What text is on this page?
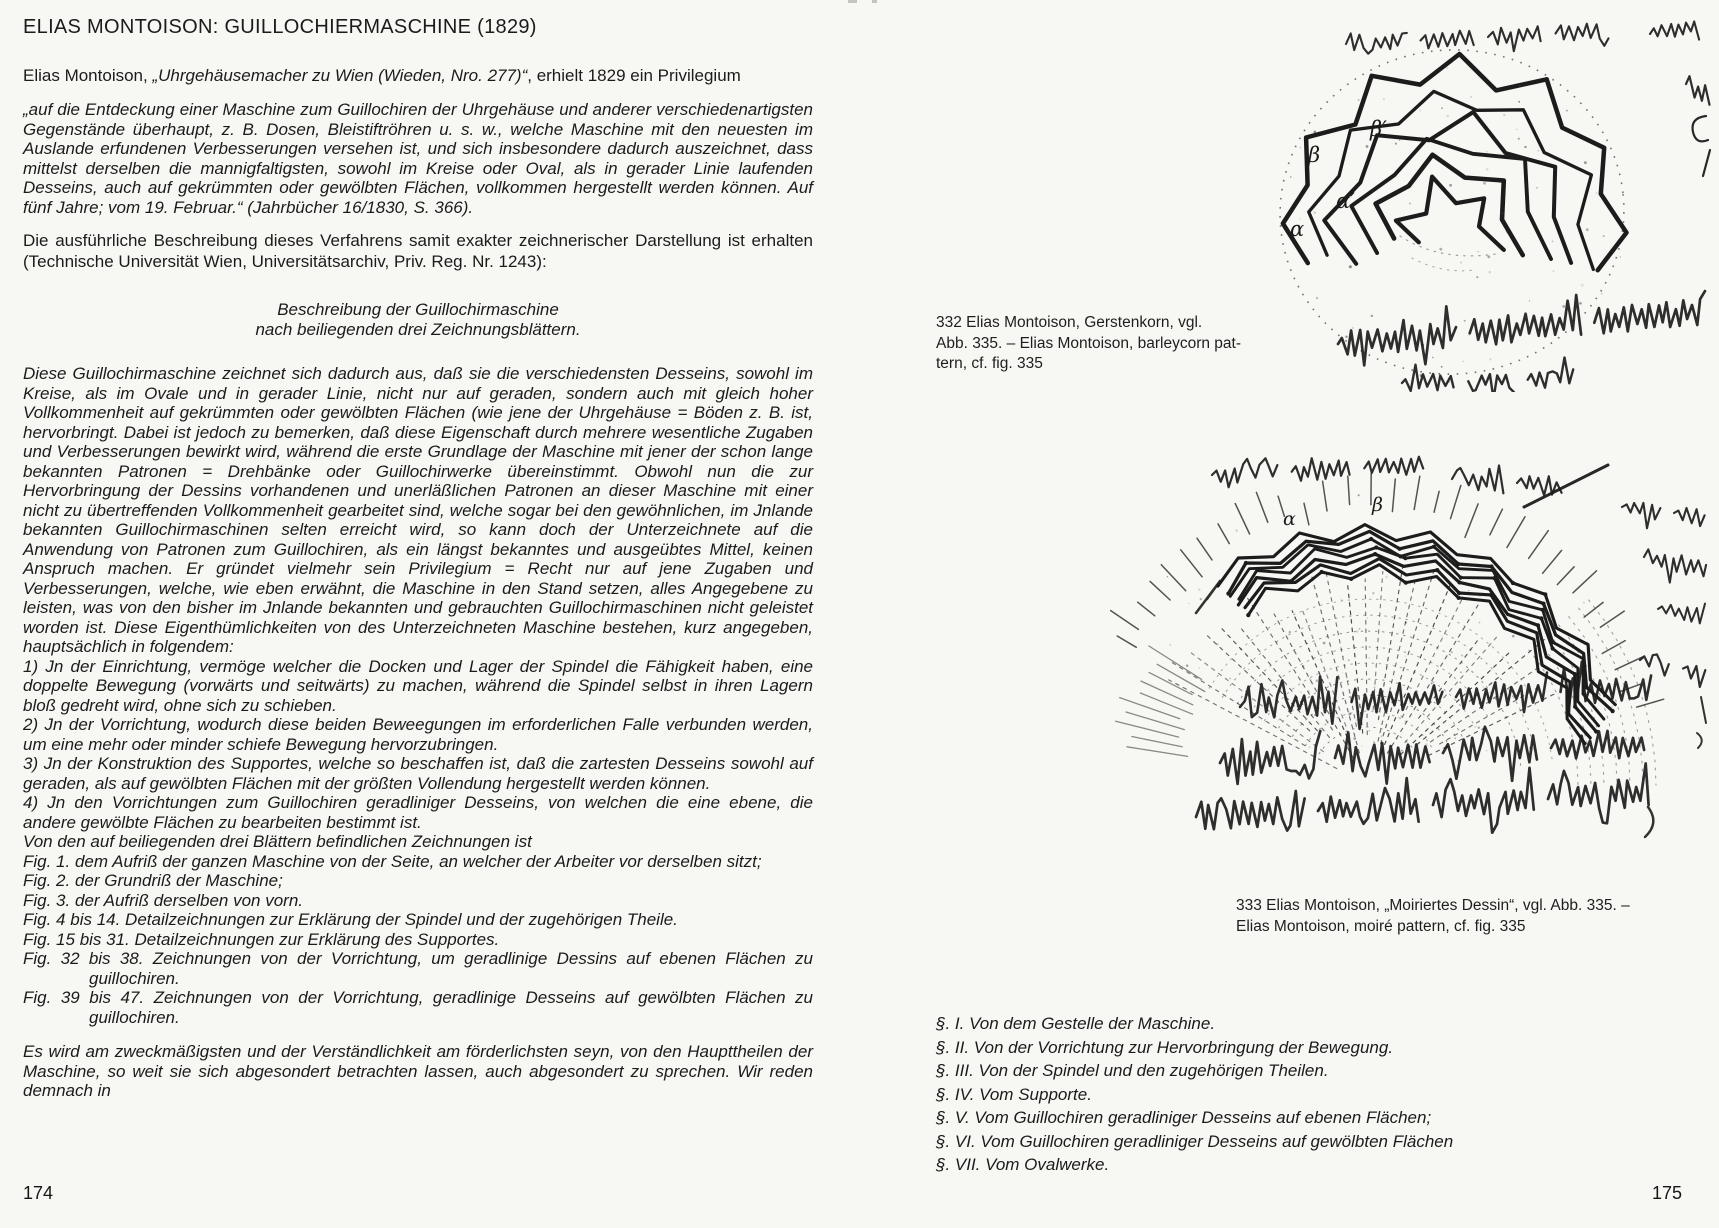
ELIAS MONTOISON: GUILLOCHIERMASCHINE (1829)

Elias Montoison, „Uhrgehäusemacher zu Wien (Wieden, Nro. 277)“, erhielt 1829 ein Privilegium

„auf die Entdeckung einer Maschine zum Guillochiren der Uhrgehäuse und anderer verschiedenartigsten Gegenstände überhaupt, z. B. Dosen, Bleistiftröhren u. s. w., welche Maschine mit den neuesten im Auslande erfundenen Verbesserungen versehen ist, und sich insbesondere dadurch auszeichnet, dass mittelst derselben die mannigfaltigsten, sowohl im Kreise oder Oval, als in gerader Linie laufenden Desseins, auch auf gekrümmten oder gewölbten Flächen, vollkommen hergestellt werden können. Auf fünf Jahre; vom 19. Februar.“ (Jahrbücher 16/1830, S. 366).

Die ausführliche Beschreibung dieses Verfahrens samit exakter zeichnerischer Darstellung ist erhalten (Technische Universität Wien, Universitätsarchiv, Priv. Reg. Nr. 1243):

Beschreibung der Guillochirmaschine
nach beiliegenden drei Zeichnungsblättern.

Diese Guillochirmaschine zeichnet sich dadurch aus, daß sie die verschiedensten Desseins, sowohl im Kreise, als im Ovale und in gerader Linie, nicht nur auf geraden, sondern auch mit gleich hoher Vollkommenheit auf gekrümmten oder gewölbten Flächen (wie jene der Uhrgehäuse = Böden z. B. ist, hervorbringt. Dabei ist jedoch zu bemerken, daß diese Eigenschaft durch mehrere wesentliche Zugaben und Verbesserungen bewirkt wird, während die erste Grundlage der Maschine mit jener der schon lange bekannten Patronen = Drehbänke oder Guillochirwerke übereinstimmt. Obwohl nun die zur Hervorbringung der Dessins vorhandenen und unerläßlichen Patronen an dieser Maschine mit einer nicht zu übertreffenden Vollkommenheit gearbeitet sind, welche sogar bei den gewöhnlichen, im Jnlande bekannten Guillochirmaschinen selten erreicht wird, so kann doch der Unterzeichnete auf die Anwendung von Patronen zum Guillochiren, als ein längst bekanntes und ausgeübtes Mittel, keinen Anspruch machen. Er gründet vielmehr sein Privilegium = Recht nur auf jene Zugaben und Verbesserungen, welche, wie eben erwähnt, die Maschine in den Stand setzen, alles Angegebene zu leisten, was von den bisher im Jnlande bekannten und gebrauchten Guillochirmaschinen nicht geleistet worden ist. Diese Eigenthümlichkeiten von des Unterzeichneten Maschine bestehen, kurz angegeben, hauptsächlich in folgendem:

1) Jn der Einrichtung, vermöge welcher die Docken und Lager der Spindel die Fähigkeit haben, eine doppelte Bewegung (vorwärts und seitwärts) zu machen, während die Spindel selbst in ihren Lagern bloß gedreht wird, ohne sich zu schieben.

2) Jn der Vorrichtung, wodurch diese beiden Beweegungen im erforderlichen Falle verbunden werden, um eine mehr oder minder schiefe Bewegung hervorzubringen.

3) Jn der Konstruktion des Supportes, welche so beschaffen ist, daß die zartesten Desseins sowohl auf geraden, als auf gewölbten Flächen mit der größten Vollendung hergestellt werden können.

4) Jn den Vorrichtungen zum Guillochiren geradliniger Desseins, von welchen die eine ebene, die andere gewölbte Flächen zu bearbeiten bestimmt ist.

Von den auf beiliegenden drei Blättern befindlichen Zeichnungen ist

Fig. 1. dem Aufriß der ganzen Maschine von der Seite, an welcher der Arbeiter vor derselben sitzt;
Fig. 2. der Grundriß der Maschine;
Fig. 3. der Aufriß derselben von vorn.
Fig. 4 bis 14. Detailzeichnungen zur Erklärung der Spindel und der zugehörigen Theile.
Fig. 15 bis 31. Detailzeichnungen zur Erklärung des Supportes.
Fig. 32 bis 38. Zeichnungen von der Vorrichtung, um geradlinige Dessins auf ebenen Flächen zu guillochiren.
Fig. 39 bis 47. Zeichnungen von der Vorrichtung, geradlinige Desseins auf gewölbten Flächen zu guillochiren.

Es wird am zweckmäßigsten und der Verständlichkeit am förderlichsten seyn, von den Haupttheilen der Maschine, so weit sie sich abgesondert betrachten lassen, auch abgesondert zu sprechen. Wir reden demnach in

174
α
α′
β
β′
332 Elias Montoison, Gerstenkorn, vgl.
Abb. 335. – Elias Montoison, barleycorn pat-
tern, cf. fig. 335
α
β
333 Elias Montoison, „Moiriertes Dessin“, vgl. Abb. 335. –
Elias Montoison, moiré pattern, cf. fig. 335
§. I. Von dem Gestelle der Maschine.
§. II. Von der Vorrichtung zur Hervorbringung der Bewegung.
§. III. Von der Spindel und den zugehörigen Theilen.
§. IV. Vom Supporte.
§. V. Vom Guillochiren geradliniger Desseins auf ebenen Flächen;
§. VI. Vom Guillochiren geradliniger Desseins auf gewölbten Flächen
§. VII. Vom Ovalwerke.
175
